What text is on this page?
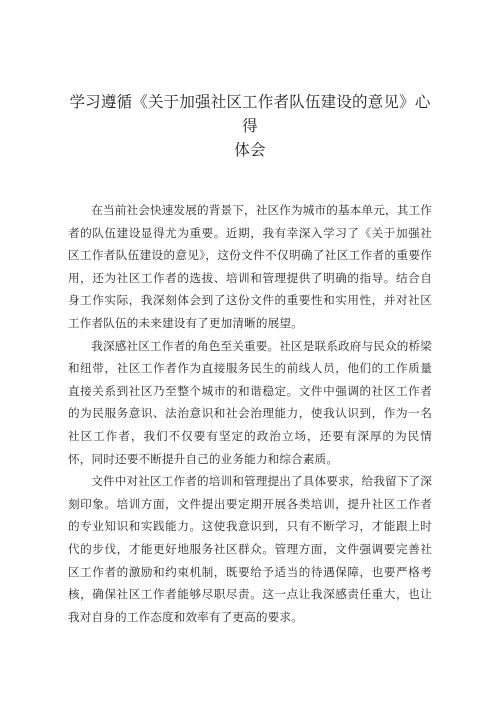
学习遵循《关于加强社区工作者队伍建设的意见》心得
体会

在当前社会快速发展的背景下，社区作为城市的基本单元，其工作者的队伍建设显得尤为重要。近期，我有幸深入学习了《关于加强社区工作者队伍建设的意见》，这份文件不仅明确了社区工作者的重要作用，还为社区工作者的选拔、培训和管理提供了明确的指导。结合自身工作实际，我深刻体会到了这份文件的重要性和实用性，并对社区工作者队伍的未来建设有了更加清晰的展望。

我深感社区工作者的角色至关重要。社区是联系政府与民众的桥梁和纽带，社区工作者作为直接服务民生的前线人员，他们的工作质量直接关系到社区乃至整个城市的和谐稳定。文件中强调的社区工作者的为民服务意识、法治意识和社会治理能力，使我认识到，作为一名社区工作者，我们不仅要有坚定的政治立场，还要有深厚的为民情怀，同时还要不断提升自己的业务能力和综合素质。

文件中对社区工作者的培训和管理提出了具体要求，给我留下了深刻印象。培训方面，文件提出要定期开展各类培训，提升社区工作者的专业知识和实践能力。这使我意识到，只有不断学习，才能跟上时代的步伐，才能更好地服务社区群众。管理方面，文件强调要完善社区工作者的激励和约束机制，既要给予适当的待遇保障，也要严格考核，确保社区工作者能够尽职尽责。这一点让我深感责任重大，也让我对自身的工作态度和效率有了更高的要求。
